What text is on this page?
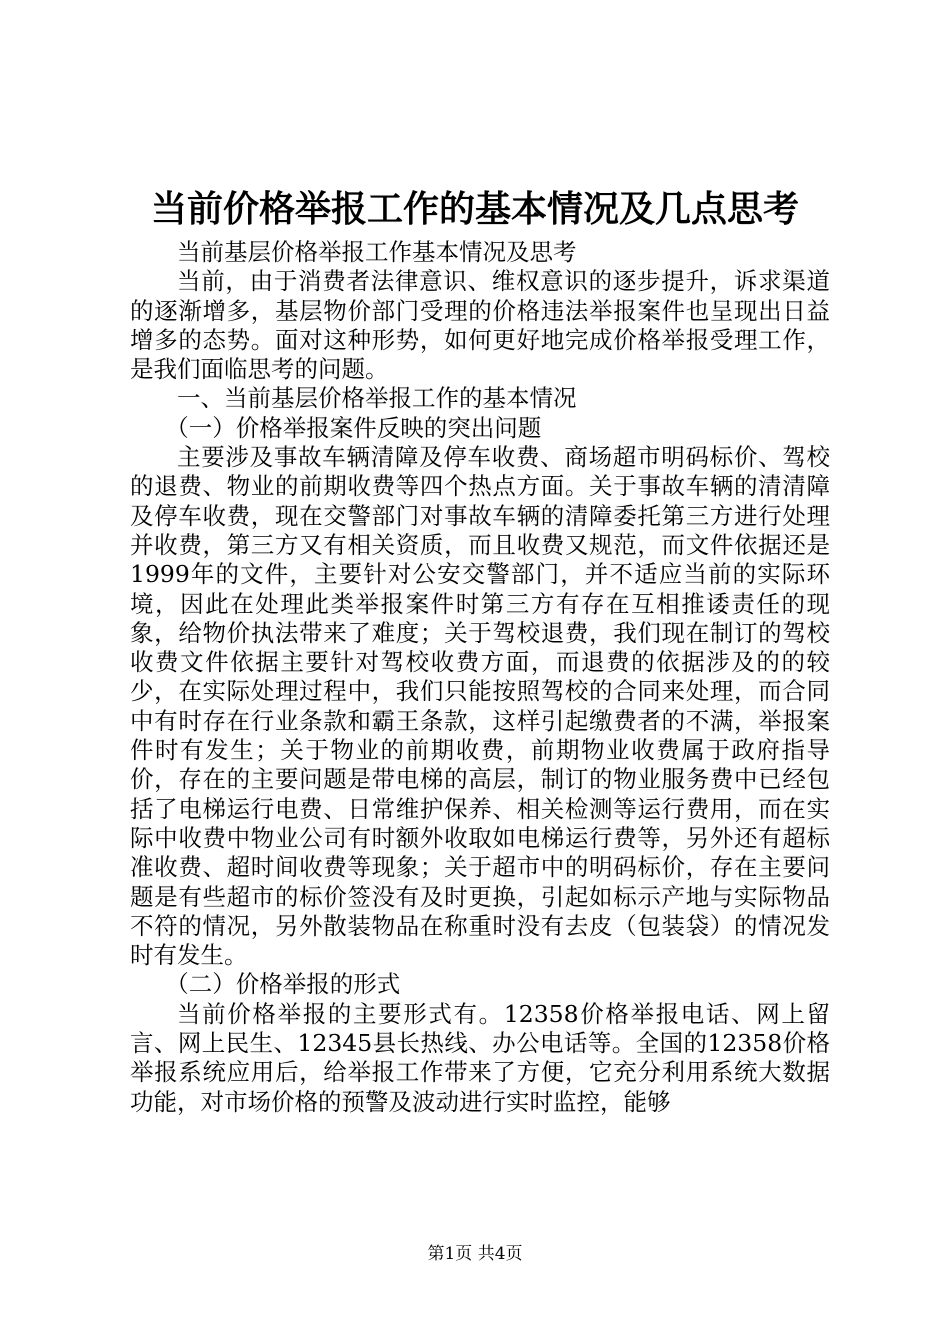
当前价格举报工作的基本情况及几点思考

当前基层价格举报工作基本情况及思考

当前，由于消费者法律意识、维权意识的逐步提升，诉求渠道的逐渐增多，基层物价部门受理的价格违法举报案件也呈现出日益增多的态势。面对这种形势，如何更好地完成价格举报受理工作，是我们面临思考的问题。

一、当前基层价格举报工作的基本情况

（一）价格举报案件反映的突出问题

主要涉及事故车辆清障及停车收费、商场超市明码标价、驾校的退费、物业的前期收费等四个热点方面。关于事故车辆的清清障及停车收费，现在交警部门对事故车辆的清障委托第三方进行处理并收费，第三方又有相关资质，而且收费又规范，而文件依据还是1999年的文件，主要针对公安交警部门，并不适应当前的实际环境，因此在处理此类举报案件时第三方有存在互相推诿责任的现象，给物价执法带来了难度；关于驾校退费，我们现在制订的驾校收费文件依据主要针对驾校收费方面，而退费的依据涉及的的较少，在实际处理过程中，我们只能按照驾校的合同来处理，而合同中有时存在行业条款和霸王条款，这样引起缴费者的不满，举报案件时有发生；关于物业的前期收费，前期物业收费属于政府指导价，存在的主要问题是带电梯的高层，制订的物业服务费中已经包括了电梯运行电费、日常维护保养、相关检测等运行费用，而在实际中收费中物业公司有时额外收取如电梯运行费等，另外还有超标准收费、超时间收费等现象；关于超市中的明码标价，存在主要问题是有些超市的标价签没有及时更换，引起如标示产地与实际物品不符的情况，另外散装物品在称重时没有去皮（包装袋）的情况发时有发生。

（二）价格举报的形式

当前价格举报的主要形式有。12358价格举报电话、网上留言、网上民生、12345县长热线、办公电话等。全国的12358价格举报系统应用后，给举报工作带来了方便，它充分利用系统大数据功能，对市场价格的预警及波动进行实时监控，能够

第1页 共4页
